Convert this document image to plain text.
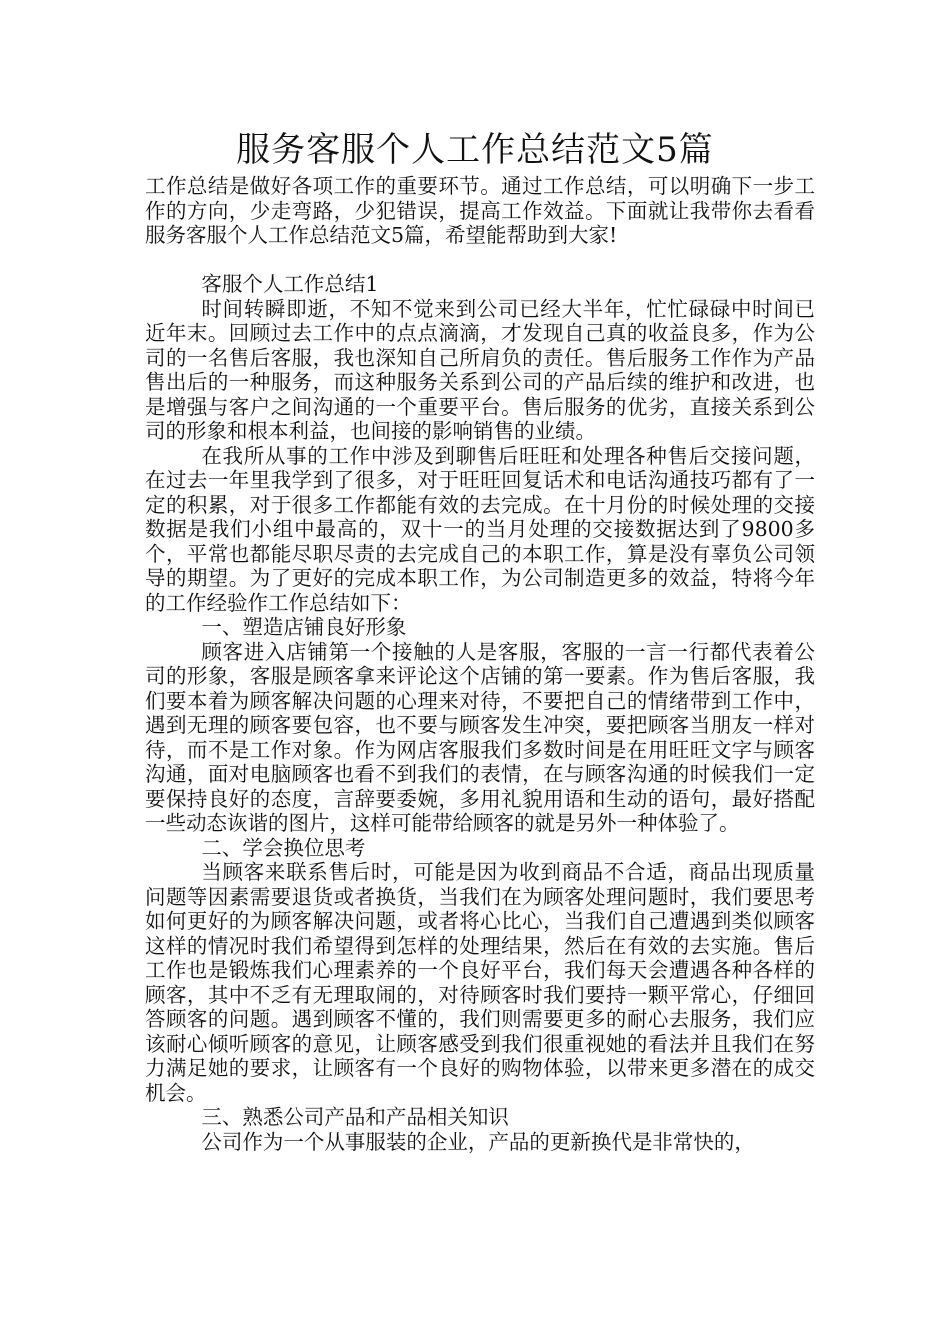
服务客服个人工作总结范文5篇

工作总结是做好各项工作的重要环节。通过工作总结，可以明确下一步工作的方向，少走弯路，少犯错误，提高工作效益。下面就让我带你去看看服务客服个人工作总结范文5篇，希望能帮助到大家!

客服个人工作总结1

时间转瞬即逝，不知不觉来到公司已经大半年，忙忙碌碌中时间已近年末。回顾过去工作中的点点滴滴，才发现自己真的收益良多，作为公司的一名售后客服，我也深知自己所肩负的责任。售后服务工作作为产品售出后的一种服务，而这种服务关系到公司的产品后续的维护和改进，也是增强与客户之间沟通的一个重要平台。售后服务的优劣，直接关系到公司的形象和根本利益，也间接的影响销售的业绩。

在我所从事的工作中涉及到聊售后旺旺和处理各种售后交接问题，在过去一年里我学到了很多，对于旺旺回复话术和电话沟通技巧都有了一定的积累，对于很多工作都能有效的去完成。在十月份的时候处理的交接数据是我们小组中最高的，双十一的当月处理的交接数据达到了9800多个，平常也都能尽职尽责的去完成自己的本职工作，算是没有辜负公司领导的期望。为了更好的完成本职工作，为公司制造更多的效益，特将今年的工作经验作工作总结如下：

一、塑造店铺良好形象

顾客进入店铺第一个接触的人是客服，客服的一言一行都代表着公司的形象，客服是顾客拿来评论这个店铺的第一要素。作为售后客服，我们要本着为顾客解决问题的心理来对待，不要把自己的情绪带到工作中，遇到无理的顾客要包容，也不要与顾客发生冲突，要把顾客当朋友一样对待，而不是工作对象。作为网店客服我们多数时间是在用旺旺文字与顾客沟通，面对电脑顾客也看不到我们的表情，在与顾客沟通的时候我们一定要保持良好的态度，言辞要委婉，多用礼貌用语和生动的语句，最好搭配一些动态诙谐的图片，这样可能带给顾客的就是另外一种体验了。

二、学会换位思考

当顾客来联系售后时，可能是因为收到商品不合适，商品出现质量问题等因素需要退货或者换货，当我们在为顾客处理问题时，我们要思考如何更好的为顾客解决问题，或者将心比心，当我们自己遭遇到类似顾客这样的情况时我们希望得到怎样的处理结果，然后在有效的去实施。售后工作也是锻炼我们心理素养的一个良好平台，我们每天会遭遇各种各样的顾客，其中不乏有无理取闹的，对待顾客时我们要持一颗平常心，仔细回答顾客的问题。遇到顾客不懂的，我们则需要更多的耐心去服务，我们应该耐心倾听顾客的意见，让顾客感受到我们很重视她的看法并且我们在努力满足她的要求，让顾客有一个良好的购物体验，以带来更多潜在的成交机会。

三、熟悉公司产品和产品相关知识

公司作为一个从事服装的企业，产品的更新换代是非常快的，
